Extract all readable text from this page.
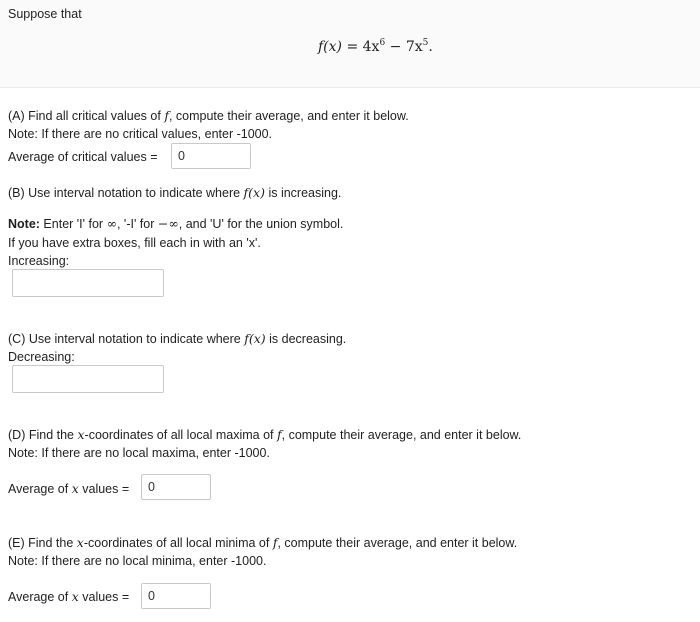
Suppose that
$f(x) = 4x^6 - 7x^5$.
(A) Find all critical values of f, compute their average, and enter it below.
Note: If there are no critical values, enter -1000.
Average of critical values =	0
(B) Use interval notation to indicate where f(x) is increasing.
Note: Enter 'I' for ∞, '-I' for −∞, and 'U' for the union symbol.
If you have extra boxes, fill each in with an 'x'.
Increasing:
(C) Use interval notation to indicate where f(x) is decreasing.
Decreasing:
(D) Find the x-coordinates of all local maxima of f, compute their average, and enter it below.
Note: If there are no local maxima, enter -1000.
Average of x values =	0
(E) Find the x-coordinates of all local minima of f, compute their average, and enter it below.
Note: If there are no local minima, enter -1000.
Average of x values =	0
